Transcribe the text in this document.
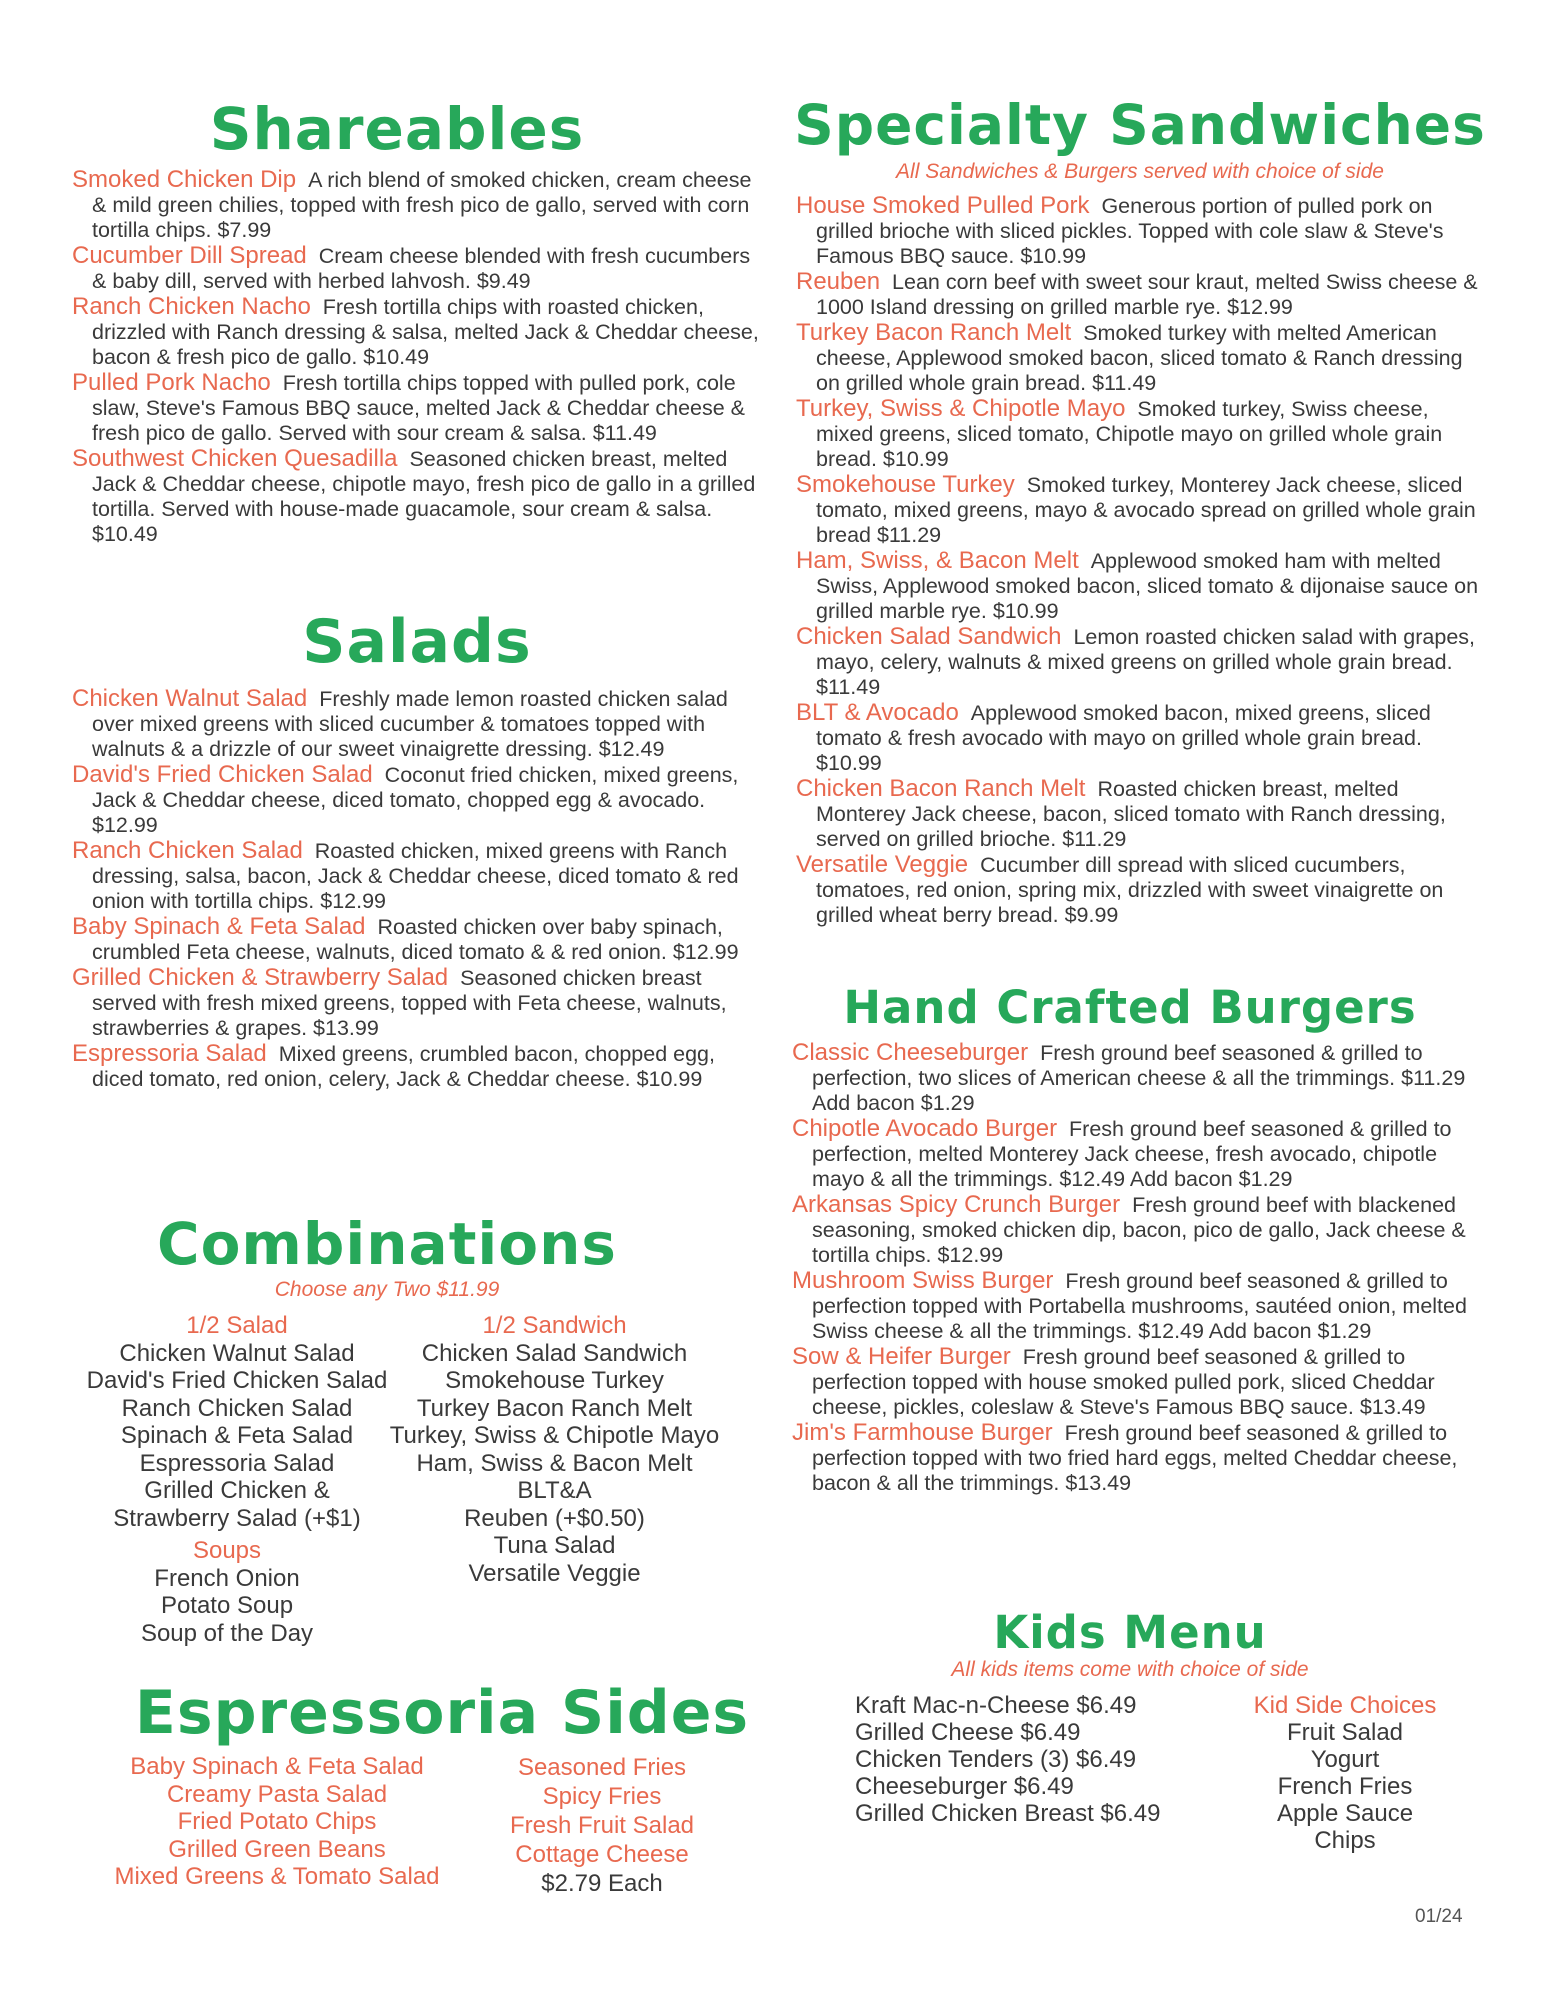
Shareables

Smoked Chicken Dip A rich blend of smoked chicken, cream cheese & mild green chilies, topped with fresh pico de gallo, served with corn tortilla chips. $7.99

Cucumber Dill Spread Cream cheese blended with fresh cucumbers & baby dill, served with herbed lahvosh. $9.49

Ranch Chicken Nacho Fresh tortilla chips with roasted chicken, drizzled with Ranch dressing & salsa, melted Jack & Cheddar cheese, bacon & fresh pico de gallo. $10.49

Pulled Pork Nacho Fresh tortilla chips topped with pulled pork, cole slaw, Steve's Famous BBQ sauce, melted Jack & Cheddar cheese & fresh pico de gallo. Served with sour cream & salsa. $11.49

Southwest Chicken Quesadilla Seasoned chicken breast, melted Jack & Cheddar cheese, chipotle mayo, fresh pico de gallo in a grilled tortilla. Served with house-made guacamole, sour cream & salsa. $10.49

Salads

Chicken Walnut Salad Freshly made lemon roasted chicken salad over mixed greens with sliced cucumber & tomatoes topped with walnuts & a drizzle of our sweet vinaigrette dressing. $12.49

David's Fried Chicken Salad Coconut fried chicken, mixed greens, Jack & Cheddar cheese, diced tomato, chopped egg & avocado. $12.99

Ranch Chicken Salad Roasted chicken, mixed greens with Ranch dressing, salsa, bacon, Jack & Cheddar cheese, diced tomato & red onion with tortilla chips. $12.99

Baby Spinach & Feta Salad Roasted chicken over baby spinach, crumbled Feta cheese, walnuts, diced tomato & & red onion. $12.99

Grilled Chicken & Strawberry Salad Seasoned chicken breast served with fresh mixed greens, topped with Feta cheese, walnuts, strawberries & grapes. $13.99

Espressoria Salad Mixed greens, crumbled bacon, chopped egg, diced tomato, red onion, celery, Jack & Cheddar cheese. $10.99

Combinations
Choose any Two $11.99
1/2 Salad
Chicken Walnut Salad
David's Fried Chicken Salad
Ranch Chicken Salad
Spinach & Feta Salad
Espressoria Salad
Grilled Chicken &
Strawberry Salad (+$1)
1/2 Sandwich
Chicken Salad Sandwich
Smokehouse Turkey
Turkey Bacon Ranch Melt
Turkey, Swiss & Chipotle Mayo
Ham, Swiss & Bacon Melt
BLT&A
Reuben (+$0.50)
Tuna Salad
Versatile Veggie
Soups
French Onion
Potato Soup
Soup of the Day
Espressoria Sides
Baby Spinach & Feta Salad
Creamy Pasta Salad
Fried Potato Chips
Grilled Green Beans
Mixed Greens & Tomato Salad
Seasoned Fries
Spicy Fries
Fresh Fruit Salad
Cottage Cheese
$2.79 Each
Specialty Sandwiches
All Sandwiches & Burgers served with choice of side

House Smoked Pulled Pork Generous portion of pulled pork on grilled brioche with sliced pickles. Topped with cole slaw & Steve's Famous BBQ sauce. $10.99

Reuben Lean corn beef with sweet sour kraut, melted Swiss cheese & 1000 Island dressing on grilled marble rye. $12.99

Turkey Bacon Ranch Melt Smoked turkey with melted American cheese, Applewood smoked bacon, sliced tomato & Ranch dressing on grilled whole grain bread. $11.49

Turkey, Swiss & Chipotle Mayo Smoked turkey, Swiss cheese, mixed greens, sliced tomato, Chipotle mayo on grilled whole grain bread. $10.99

Smokehouse Turkey Smoked turkey, Monterey Jack cheese, sliced tomato, mixed greens, mayo & avocado spread on grilled whole grain bread $11.29

Ham, Swiss, & Bacon Melt Applewood smoked ham with melted Swiss, Applewood smoked bacon, sliced tomato & dijonaise sauce on grilled marble rye. $10.99

Chicken Salad Sandwich Lemon roasted chicken salad with grapes, mayo, celery, walnuts & mixed greens on grilled whole grain bread. $11.49

BLT & Avocado Applewood smoked bacon, mixed greens, sliced tomato & fresh avocado with mayo on grilled whole grain bread. $10.99

Chicken Bacon Ranch Melt Roasted chicken breast, melted Monterey Jack cheese, bacon, sliced tomato with Ranch dressing, served on grilled brioche. $11.29

Versatile Veggie Cucumber dill spread with sliced cucumbers, tomatoes, red onion, spring mix, drizzled with sweet vinaigrette on grilled wheat berry bread. $9.99

Hand Crafted Burgers

Classic Cheeseburger Fresh ground beef seasoned & grilled to perfection, two slices of American cheese & all the trimmings. $11.29 Add bacon $1.29

Chipotle Avocado Burger Fresh ground beef seasoned & grilled to perfection, melted Monterey Jack cheese, fresh avocado, chipotle mayo & all the trimmings. $12.49 Add bacon $1.29

Arkansas Spicy Crunch Burger Fresh ground beef with blackened seasoning, smoked chicken dip, bacon, pico de gallo, Jack cheese & tortilla chips. $12.99

Mushroom Swiss Burger Fresh ground beef seasoned & grilled to perfection topped with Portabella mushrooms, sautéed onion, melted Swiss cheese & all the trimmings. $12.49 Add bacon $1.29

Sow & Heifer Burger Fresh ground beef seasoned & grilled to perfection topped with house smoked pulled pork, sliced Cheddar cheese, pickles, coleslaw & Steve's Famous BBQ sauce. $13.49

Jim's Farmhouse Burger Fresh ground beef seasoned & grilled to perfection topped with two fried hard eggs, melted Cheddar cheese, bacon & all the trimmings. $13.49

Kids Menu
All kids items come with choice of side
Kraft Mac-n-Cheese $6.49
Grilled Cheese $6.49
Chicken Tenders (3) $6.49
Cheeseburger $6.49
Grilled Chicken Breast $6.49
Kid Side Choices
Fruit Salad
Yogurt
French Fries
Apple Sauce
Chips
01/24
